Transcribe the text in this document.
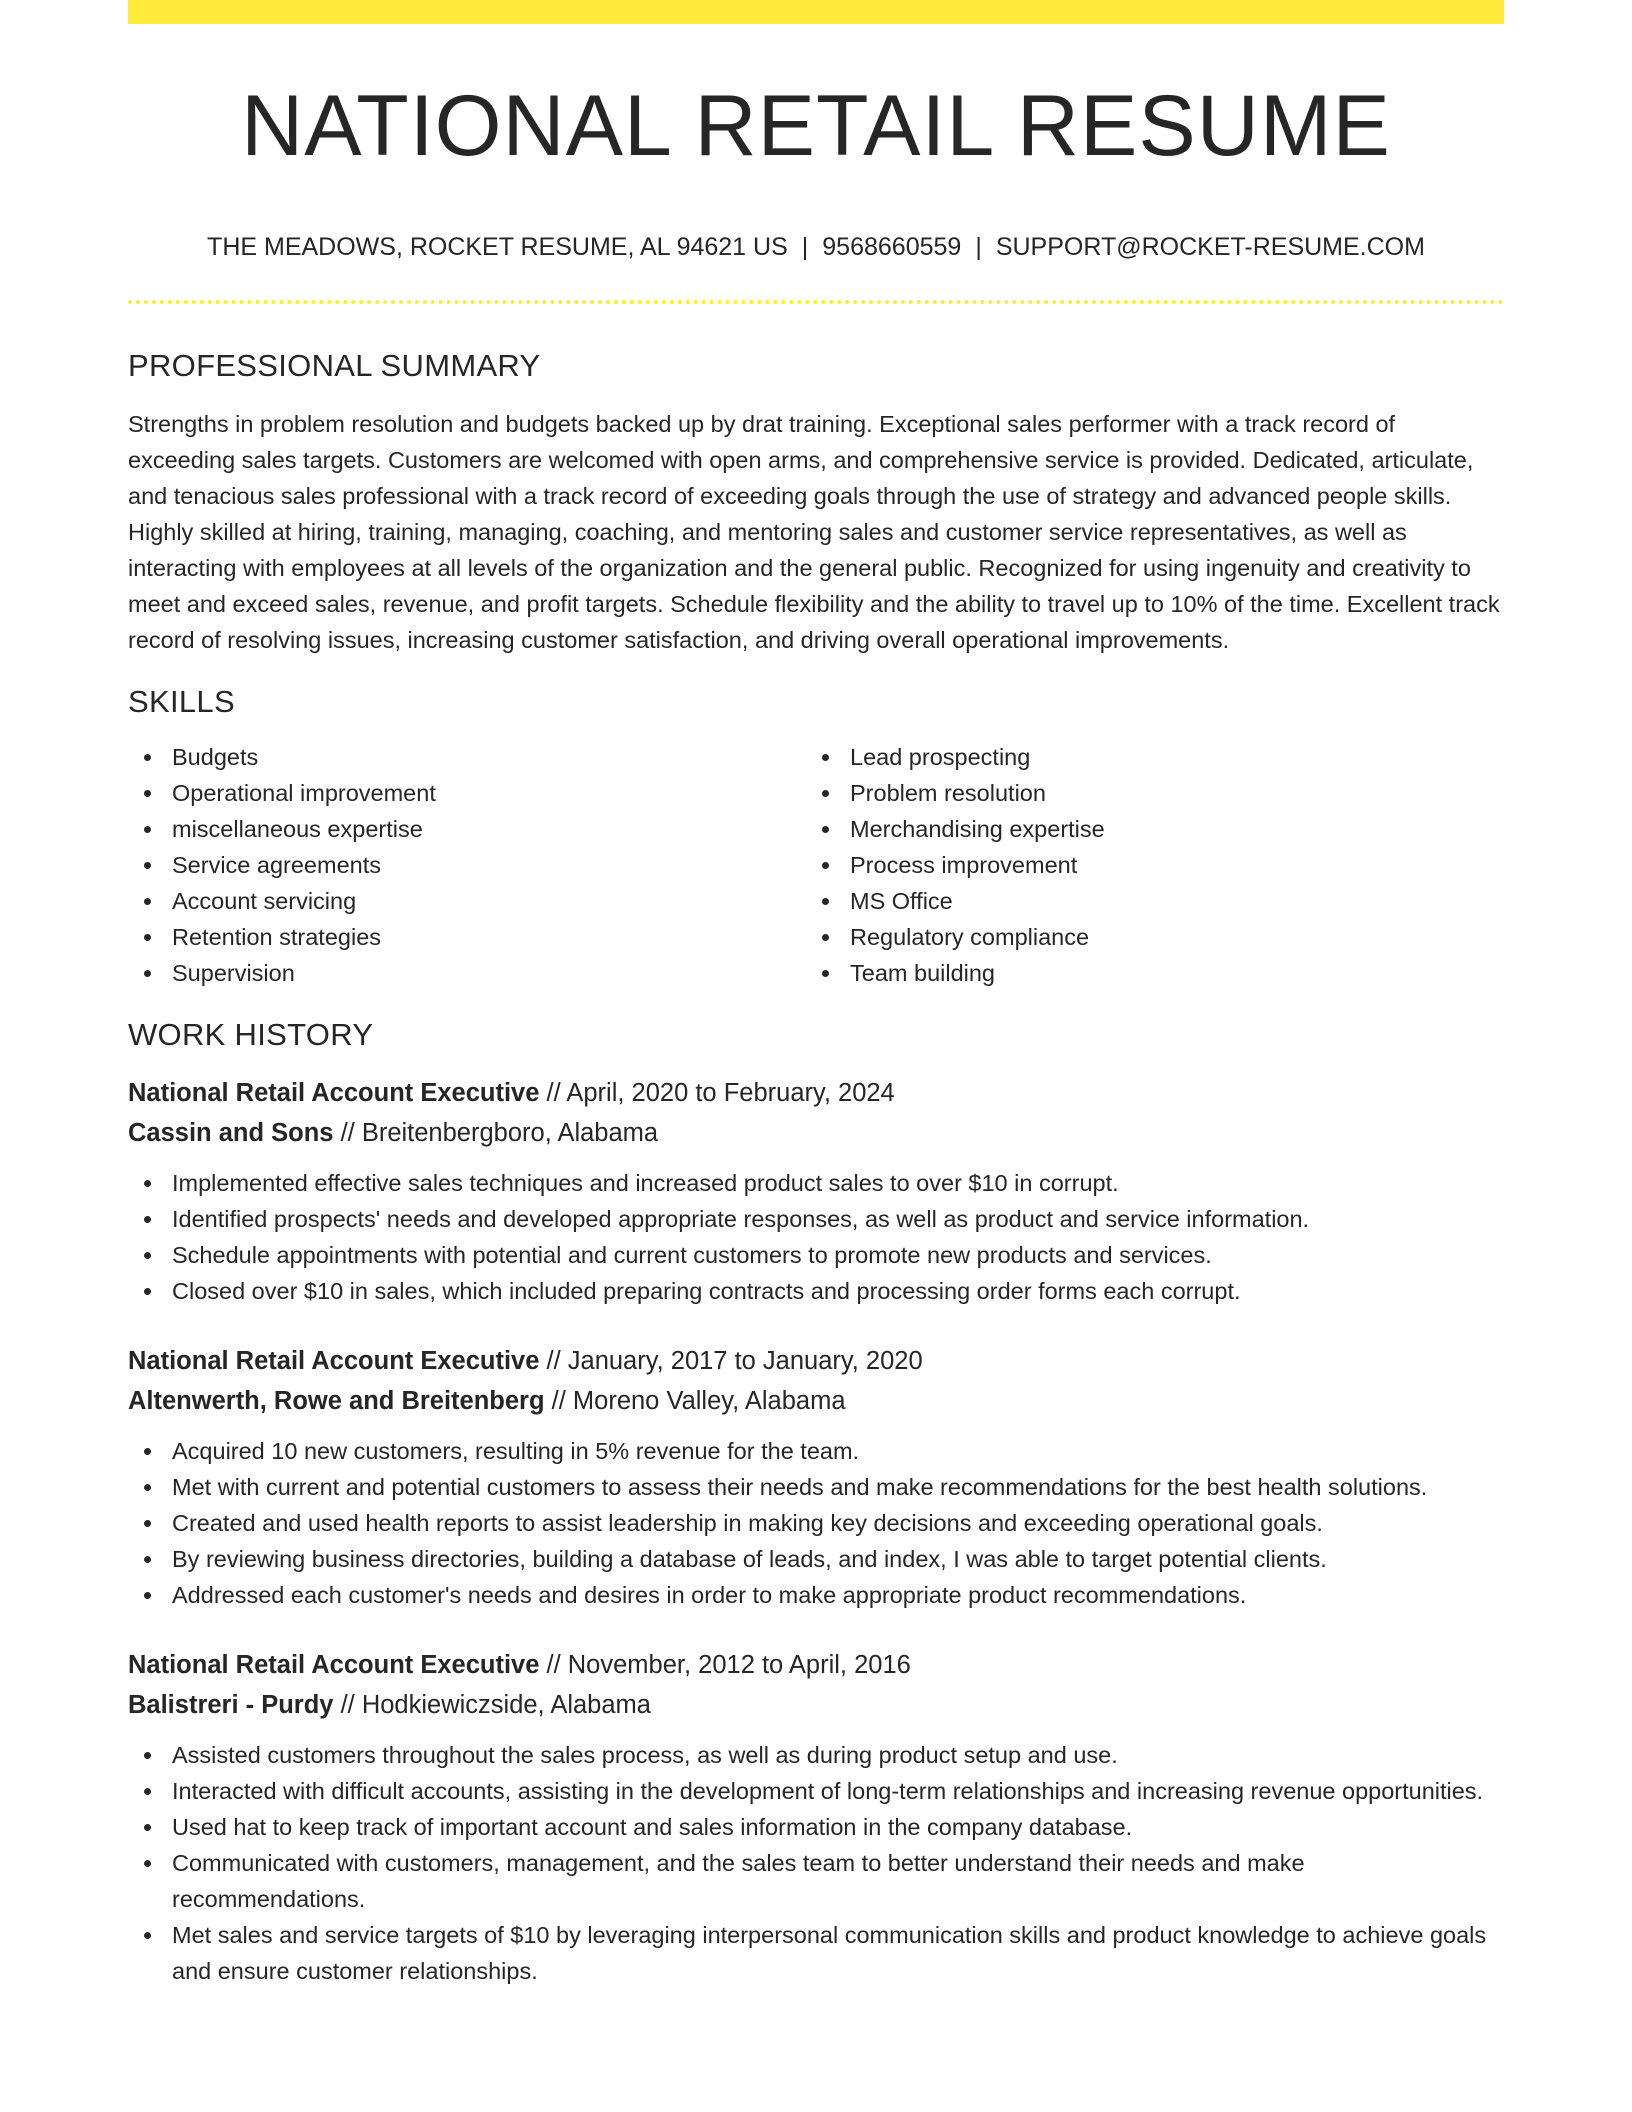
NATIONAL RETAIL RESUME
THE MEADOWS, ROCKET RESUME, AL 94621 US | 9568660559 | SUPPORT@ROCKET-RESUME.COM
PROFESSIONAL SUMMARY

Strengths in problem resolution and budgets backed up by drat training. Exceptional sales performer with a track record of exceeding sales targets. Customers are welcomed with open arms, and comprehensive service is provided. Dedicated, articulate, and tenacious sales professional with a track record of exceeding goals through the use of strategy and advanced people skills. Highly skilled at hiring, training, managing, coaching, and mentoring sales and customer service representatives, as well as interacting with employees at all levels of the organization and the general public. Recognized for using ingenuity and creativity to meet and exceed sales, revenue, and profit targets. Schedule flexibility and the ability to travel up to 10% of the time. Excellent track record of resolving issues, increasing customer satisfaction, and driving overall operational improvements.

SKILLS
Budgets
Operational improvement
miscellaneous expertise
Service agreements
Account servicing
Retention strategies
Supervision
Lead prospecting
Problem resolution
Merchandising expertise
Process improvement
MS Office
Regulatory compliance
Team building
WORK HISTORY
National Retail Account Executive // April, 2020 to February, 2024
Cassin and Sons // Breitenbergboro, Alabama
Implemented effective sales techniques and increased product sales to over $10 in corrupt.
Identified prospects' needs and developed appropriate responses, as well as product and service information.
Schedule appointments with potential and current customers to promote new products and services.
Closed over $10 in sales, which included preparing contracts and processing order forms each corrupt.
National Retail Account Executive // January, 2017 to January, 2020
Altenwerth, Rowe and Breitenberg // Moreno Valley, Alabama
Acquired 10 new customers, resulting in 5% revenue for the team.
Met with current and potential customers to assess their needs and make recommendations for the best health solutions.
Created and used health reports to assist leadership in making key decisions and exceeding operational goals.
By reviewing business directories, building a database of leads, and index, I was able to target potential clients.
Addressed each customer's needs and desires in order to make appropriate product recommendations.
National Retail Account Executive // November, 2012 to April, 2016
Balistreri - Purdy // Hodkiewiczside, Alabama
Assisted customers throughout the sales process, as well as during product setup and use.
Interacted with difficult accounts, assisting in the development of long-term relationships and increasing revenue opportunities.
Used hat to keep track of important account and sales information in the company database.
Communicated with customers, management, and the sales team to better understand their needs and make recommendations.
Met sales and service targets of $10 by leveraging interpersonal communication skills and product knowledge to achieve goals and ensure customer relationships.
